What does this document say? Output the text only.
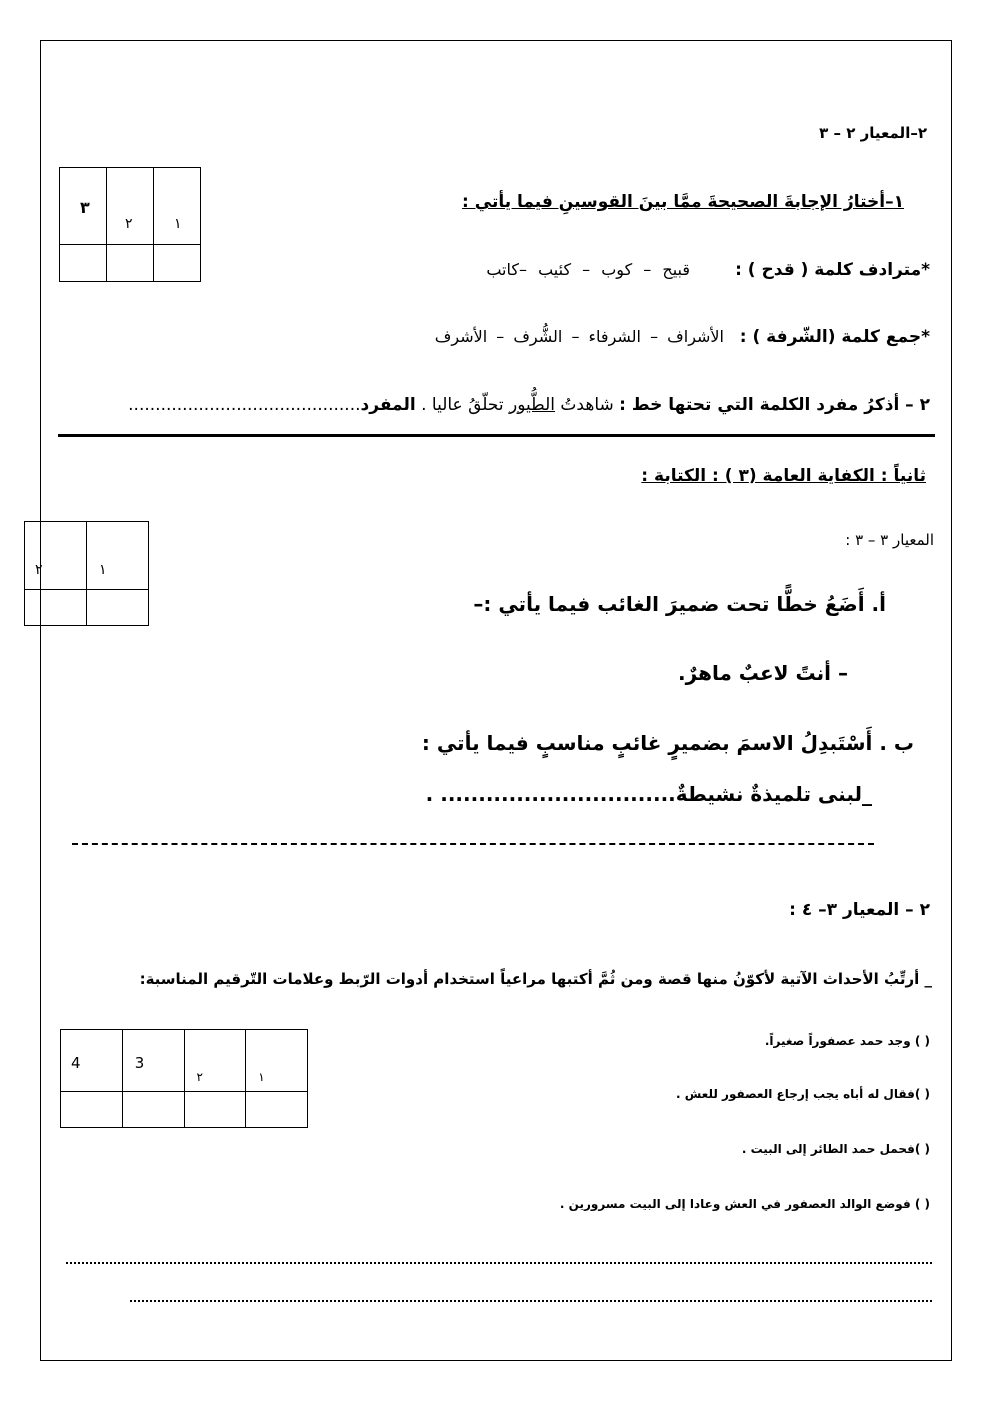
٢–المعيار ٢ – ٣
٣	٢	١

١–أختارُ الإجابةَ الصحيحةَ ممَّا بينَ القوسينِ فيما يأتي :
*مترادف كلمة ( قدح ) :
قبيح – كوب – كئيب –كاتب
*جمع كلمة (الشّرفة ) :
الأشراف – الشرفاء – الشُّرف – الأشرف
٢ – أذكرُ مفرد الكلمة التي تحتها خط : شاهدتُ الطُّيور تحلّقُ عاليا . المفرد...........................................
ثانياً : الكفاية العامة (٣ ) : الكتابة :
٢	١

المعيار ٣ – ٣ :
أ. أَضَعُ خطًّا تحت ضميرَ الغائب فيما يأتي :–
– أنتً لاعبٌ ماهرٌ.
ب . أَسْتَبدِلُ الاسمَ بضميرٍ غائبٍ مناسبٍ فيما يأتي :
_لبنى تلميذةٌ نشيطةٌ............................... .
٢ – المعيار ٣– ٤ :
_ أرتِّبُ الأحداث الآتية لأكوّنُ منها قصة ومن ثُمَّ أكتبها مراعياً استخدام أدوات الرّبط وعلامات التّرقيم المناسبة:
4	3	٢	١

( ) وجد حمد عصفوراً صغيراً.
( )فقال له أباه يجب إرجاع العصفور للعش .
( )فحمل حمد الطائر إلى البيت .
( ) فوضع الوالد العصفور في العش وعادا إلى البيت مسرورين .
